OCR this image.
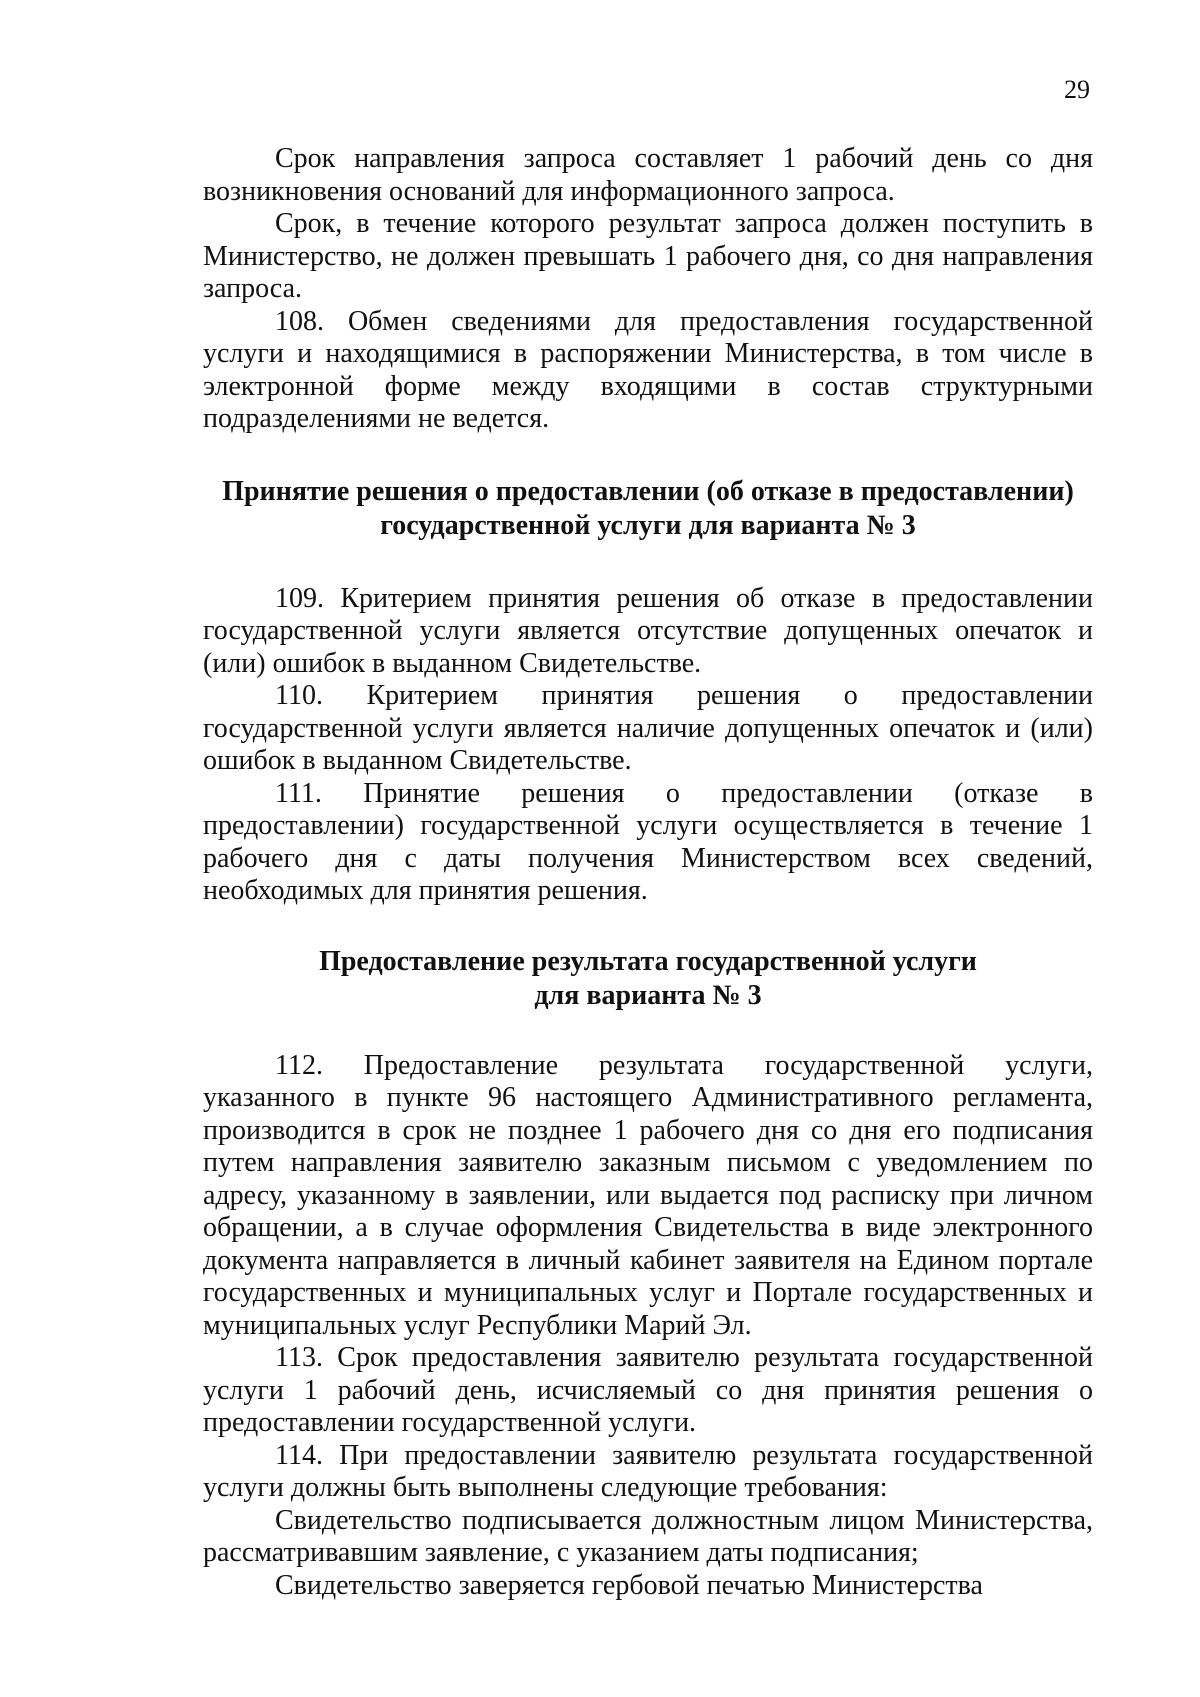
29

Срок направления запроса составляет 1 рабочий день со дня возникновения оснований для информационного запроса.

Срок, в течение которого результат запроса должен поступить в Министерство, не должен превышать 1 рабочего дня, со дня направления запроса.

108. Обмен сведениями для предоставления государственной услуги и находящимися в распоряжении Министерства, в том числе в электронной форме между входящими в состав структурными подразделениями не ведется.

Принятие решения о предоставлении (об отказе в предоставлении)
государственной услуги для варианта № 3

109. Критерием принятия решения об отказе в предоставлении государственной услуги является отсутствие допущенных опечаток и (или) ошибок в выданном Свидетельстве.

110. Критерием принятия решения о предоставлении государственной услуги является наличие допущенных опечаток и (или) ошибок в выданном Свидетельстве.

111. Принятие решения о предоставлении (отказе в предоставлении) государственной услуги осуществляется в течение 1 рабочего дня с даты получения Министерством всех сведений, необходимых для принятия решения.

Предоставление результата государственной услуги
для варианта № 3

112. Предоставление результата государственной услуги, указанного в пункте 96 настоящего Административного регламента, производится в срок не позднее 1 рабочего дня со дня его подписания путем направления заявителю заказным письмом с уведомлением по адресу, указанному в заявлении, или выдается под расписку при личном обращении, а в случае оформления Свидетельства в виде электронного документа направляется в личный кабинет заявителя на Едином портале государственных и муниципальных услуг и Портале государственных и муниципальных услуг Республики Марий Эл.

113. Срок предоставления заявителю результата государственной услуги 1 рабочий день, исчисляемый со дня принятия решения о предоставлении государственной услуги.

114. При предоставлении заявителю результата государственной услуги должны быть выполнены следующие требования:

Свидетельство подписывается должностным лицом Министерства, рассматривавшим заявление, с указанием даты подписания;

Свидетельство заверяется гербовой печатью Министерства
